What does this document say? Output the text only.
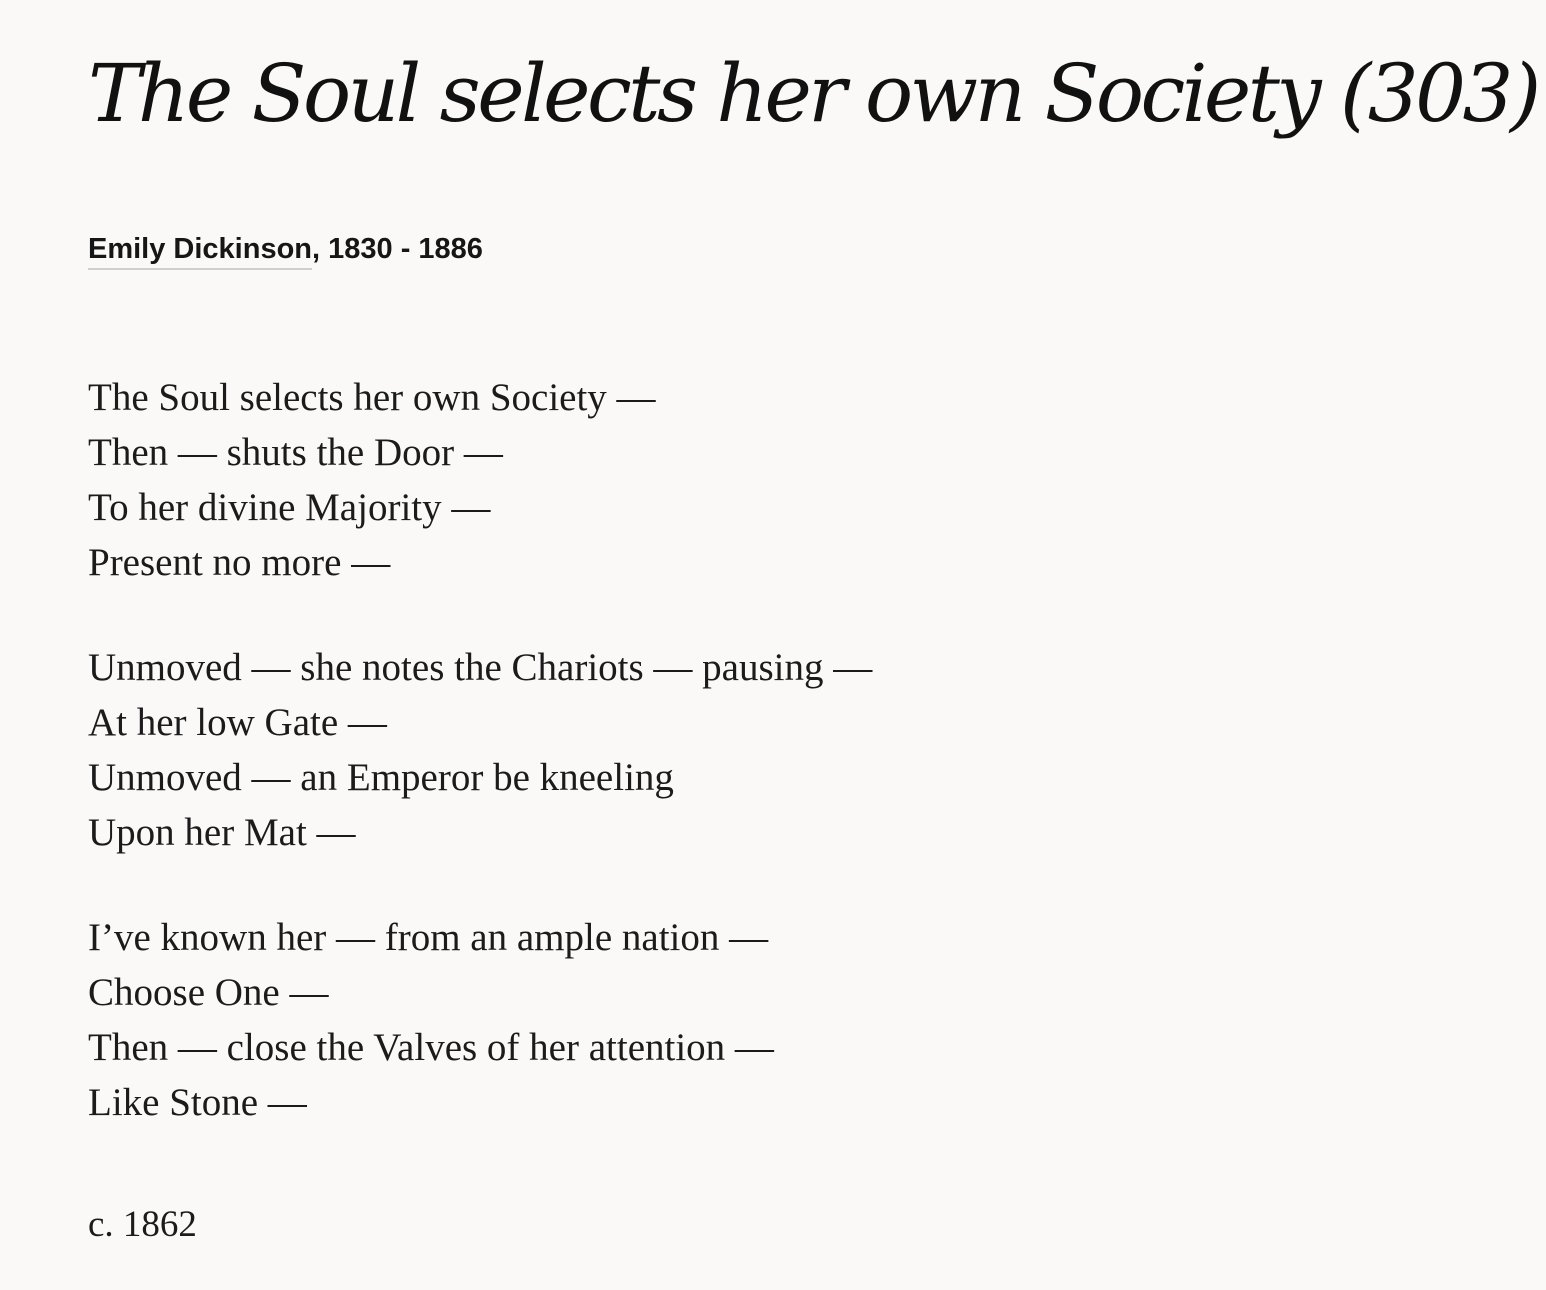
The Soul selects her own Society (303)
Emily Dickinson, 1830 - 1886
The Soul selects her own Society —
Then — shuts the Door —
To her divine Majority —
Present no more —
Unmoved — she notes the Chariots — pausing —
At her low Gate —
Unmoved — an Emperor be kneeling
Upon her Mat —
I’ve known her — from an ample nation —
Choose One —
Then — close the Valves of her attention —
Like Stone —
c. 1862
